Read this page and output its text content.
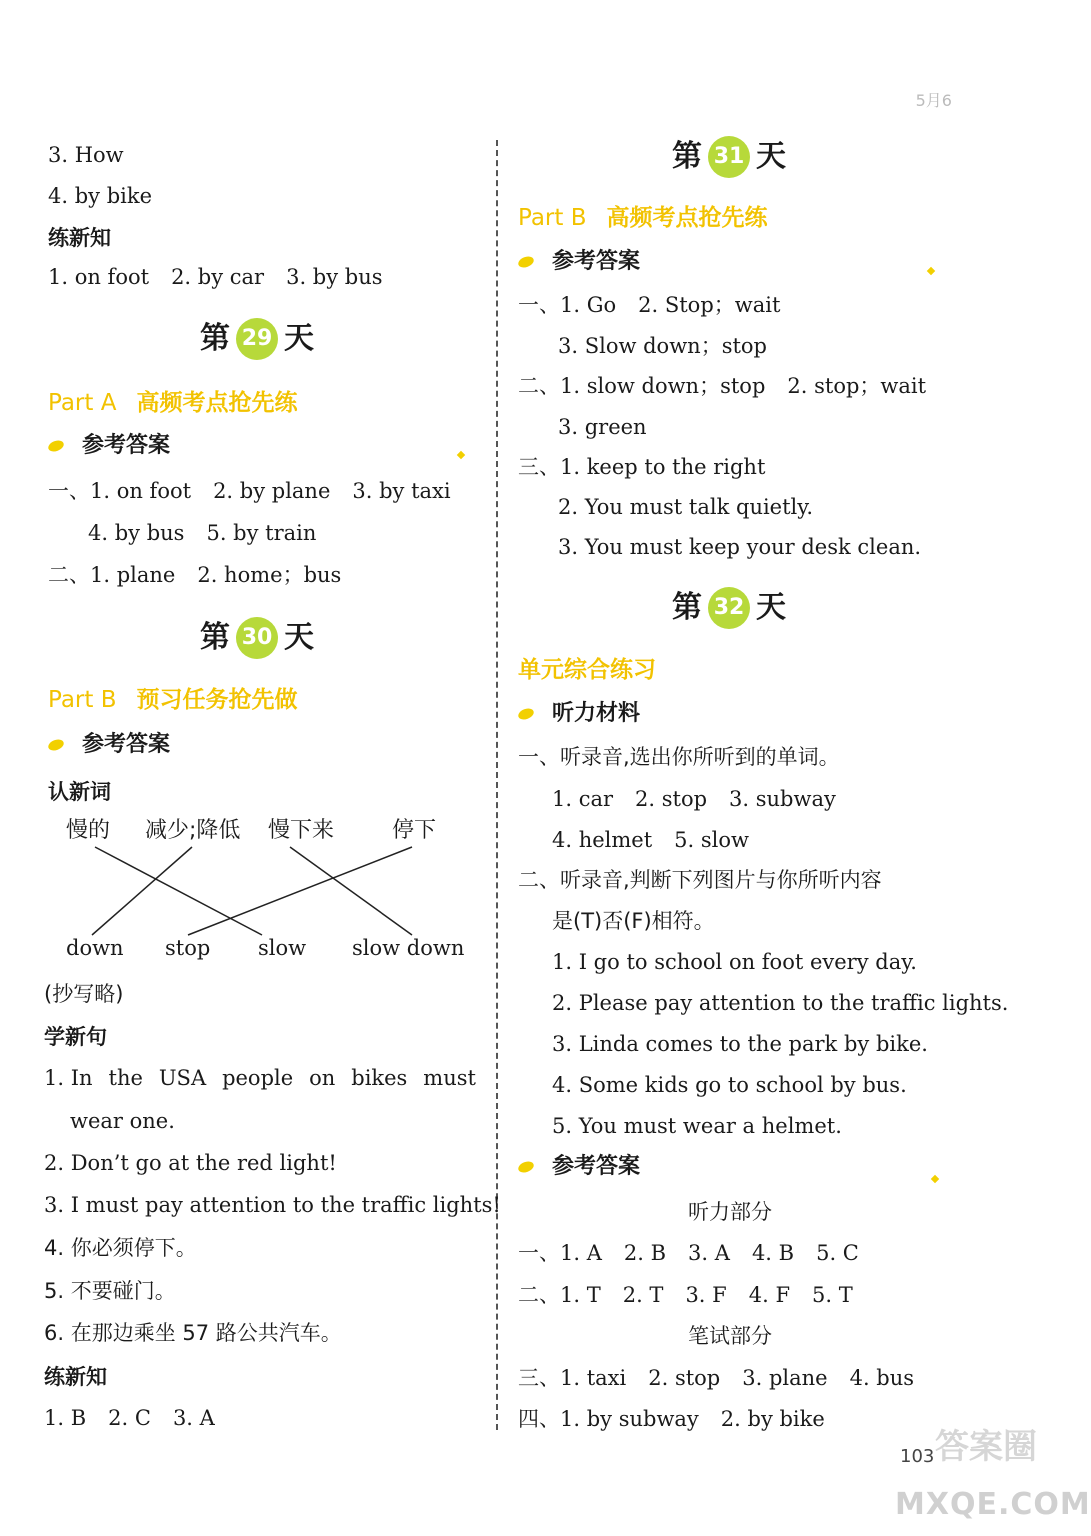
5月6
3. How
4. by bike
练新知
1. on foot 2. by car 3. by bus
第 29 天
Part A 高频考点抢先练
参考答案
一、1. on foot 2. by plane 3. by taxi
4. by bus 5. by train
二、1. plane 2. home；bus
第 30 天
Part B 预习任务抢先做
参考答案
认新词
慢的 减少;降低 慢下来	停下
down stop slow slow down
(抄写略)
学新句
1. In the USA people on bikes must
wear one.
2. Don’t go at the red light!
3. I must pay attention to the traffic lights!
4. 你必须停下。
5. 不要碰门。
6. 在那边乘坐 57 路公共汽车。
练新知
1. B 2. C 3. A
第 31 天
Part B 高频考点抢先练
参考答案
一、1. Go 2. Stop；wait
3. Slow down；stop
二、1. slow down；stop 2. stop；wait
3. green
三、1. keep to the right
2. You must talk quietly.
3. You must keep your desk clean.
第 32 天
单元综合练习
听力材料
一、听录音,选出你所听到的单词。
1. car 2. stop 3. subway
4. helmet 5. slow
二、听录音,判断下列图片与你所听内容
是(T)否(F)相符。
1. I go to school on foot every day.
2. Please pay attention to the traffic lights.
3. Linda comes to the park by bike.
4. Some kids go to school by bus.
5. You must wear a helmet.
参考答案
听力部分
一、1. A 2. B 3. A 4. B 5. C
二、1. T 2. T 3. F 4. F 5. T
笔试部分
三、1. taxi 2. stop 3. plane 4. bus
四、1. by subway 2. by bike
103 答案圈
MXQE.COM
